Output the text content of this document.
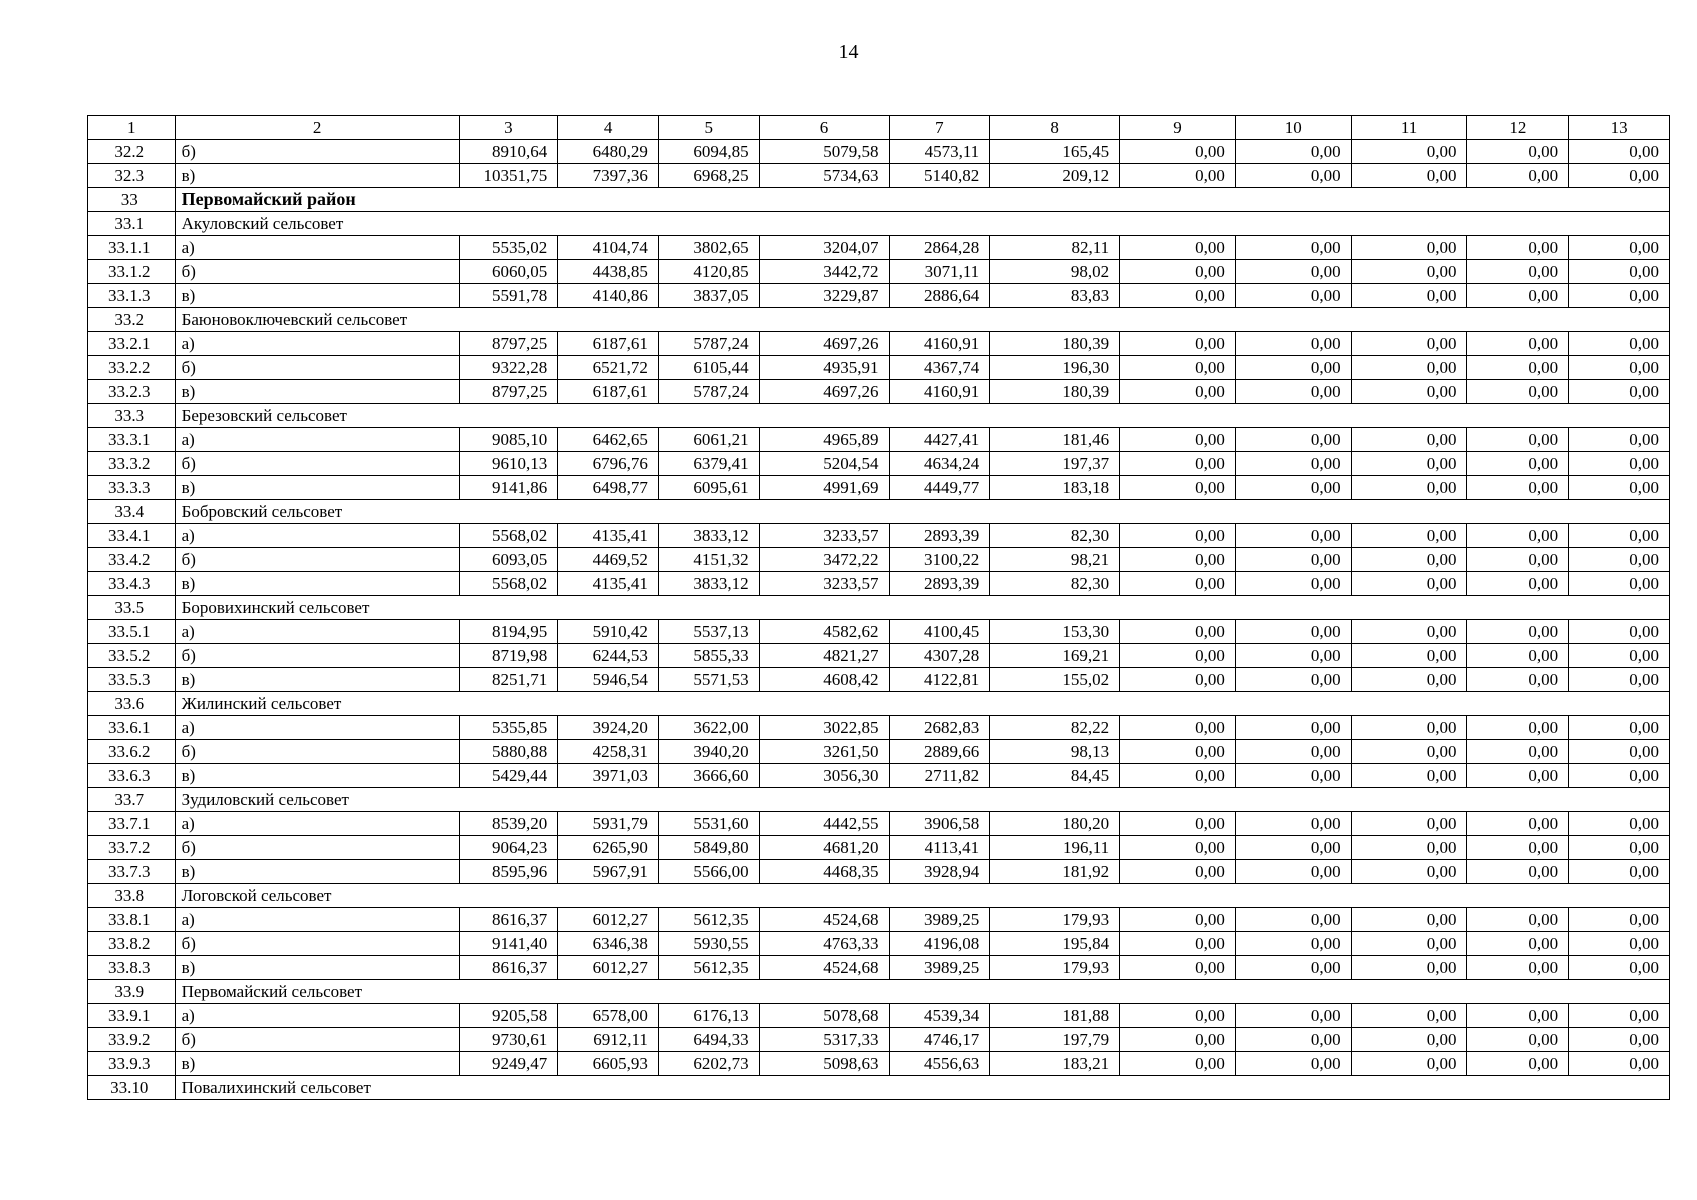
14
1	2	3	4	5	6	7	8	9	10	11	12	13
32.2	б)	8910,64	6480,29	6094,85	5079,58	4573,11	165,45	0,00	0,00	0,00	0,00	0,00
32.3	в)	10351,75	7397,36	6968,25	5734,63	5140,82	209,12	0,00	0,00	0,00	0,00	0,00
33	Первомайский район											
33.1	Акуловский сельсовет											
33.1.1	а)	5535,02	4104,74	3802,65	3204,07	2864,28	82,11	0,00	0,00	0,00	0,00	0,00
33.1.2	б)	6060,05	4438,85	4120,85	3442,72	3071,11	98,02	0,00	0,00	0,00	0,00	0,00
33.1.3	в)	5591,78	4140,86	3837,05	3229,87	2886,64	83,83	0,00	0,00	0,00	0,00	0,00
33.2	Баюновоключевский сельсовет											
33.2.1	а)	8797,25	6187,61	5787,24	4697,26	4160,91	180,39	0,00	0,00	0,00	0,00	0,00
33.2.2	б)	9322,28	6521,72	6105,44	4935,91	4367,74	196,30	0,00	0,00	0,00	0,00	0,00
33.2.3	в)	8797,25	6187,61	5787,24	4697,26	4160,91	180,39	0,00	0,00	0,00	0,00	0,00
33.3	Березовский сельсовет											
33.3.1	а)	9085,10	6462,65	6061,21	4965,89	4427,41	181,46	0,00	0,00	0,00	0,00	0,00
33.3.2	б)	9610,13	6796,76	6379,41	5204,54	4634,24	197,37	0,00	0,00	0,00	0,00	0,00
33.3.3	в)	9141,86	6498,77	6095,61	4991,69	4449,77	183,18	0,00	0,00	0,00	0,00	0,00
33.4	Бобровский сельсовет											
33.4.1	а)	5568,02	4135,41	3833,12	3233,57	2893,39	82,30	0,00	0,00	0,00	0,00	0,00
33.4.2	б)	6093,05	4469,52	4151,32	3472,22	3100,22	98,21	0,00	0,00	0,00	0,00	0,00
33.4.3	в)	5568,02	4135,41	3833,12	3233,57	2893,39	82,30	0,00	0,00	0,00	0,00	0,00
33.5	Боровихинский сельсовет											
33.5.1	а)	8194,95	5910,42	5537,13	4582,62	4100,45	153,30	0,00	0,00	0,00	0,00	0,00
33.5.2	б)	8719,98	6244,53	5855,33	4821,27	4307,28	169,21	0,00	0,00	0,00	0,00	0,00
33.5.3	в)	8251,71	5946,54	5571,53	4608,42	4122,81	155,02	0,00	0,00	0,00	0,00	0,00
33.6	Жилинский сельсовет											
33.6.1	а)	5355,85	3924,20	3622,00	3022,85	2682,83	82,22	0,00	0,00	0,00	0,00	0,00
33.6.2	б)	5880,88	4258,31	3940,20	3261,50	2889,66	98,13	0,00	0,00	0,00	0,00	0,00
33.6.3	в)	5429,44	3971,03	3666,60	3056,30	2711,82	84,45	0,00	0,00	0,00	0,00	0,00
33.7	Зудиловский сельсовет											
33.7.1	а)	8539,20	5931,79	5531,60	4442,55	3906,58	180,20	0,00	0,00	0,00	0,00	0,00
33.7.2	б)	9064,23	6265,90	5849,80	4681,20	4113,41	196,11	0,00	0,00	0,00	0,00	0,00
33.7.3	в)	8595,96	5967,91	5566,00	4468,35	3928,94	181,92	0,00	0,00	0,00	0,00	0,00
33.8	Логовской сельсовет											
33.8.1	а)	8616,37	6012,27	5612,35	4524,68	3989,25	179,93	0,00	0,00	0,00	0,00	0,00
33.8.2	б)	9141,40	6346,38	5930,55	4763,33	4196,08	195,84	0,00	0,00	0,00	0,00	0,00
33.8.3	в)	8616,37	6012,27	5612,35	4524,68	3989,25	179,93	0,00	0,00	0,00	0,00	0,00
33.9	Первомайский сельсовет											
33.9.1	а)	9205,58	6578,00	6176,13	5078,68	4539,34	181,88	0,00	0,00	0,00	0,00	0,00
33.9.2	б)	9730,61	6912,11	6494,33	5317,33	4746,17	197,79	0,00	0,00	0,00	0,00	0,00
33.9.3	в)	9249,47	6605,93	6202,73	5098,63	4556,63	183,21	0,00	0,00	0,00	0,00	0,00
33.10	Повалихинский сельсовет											
